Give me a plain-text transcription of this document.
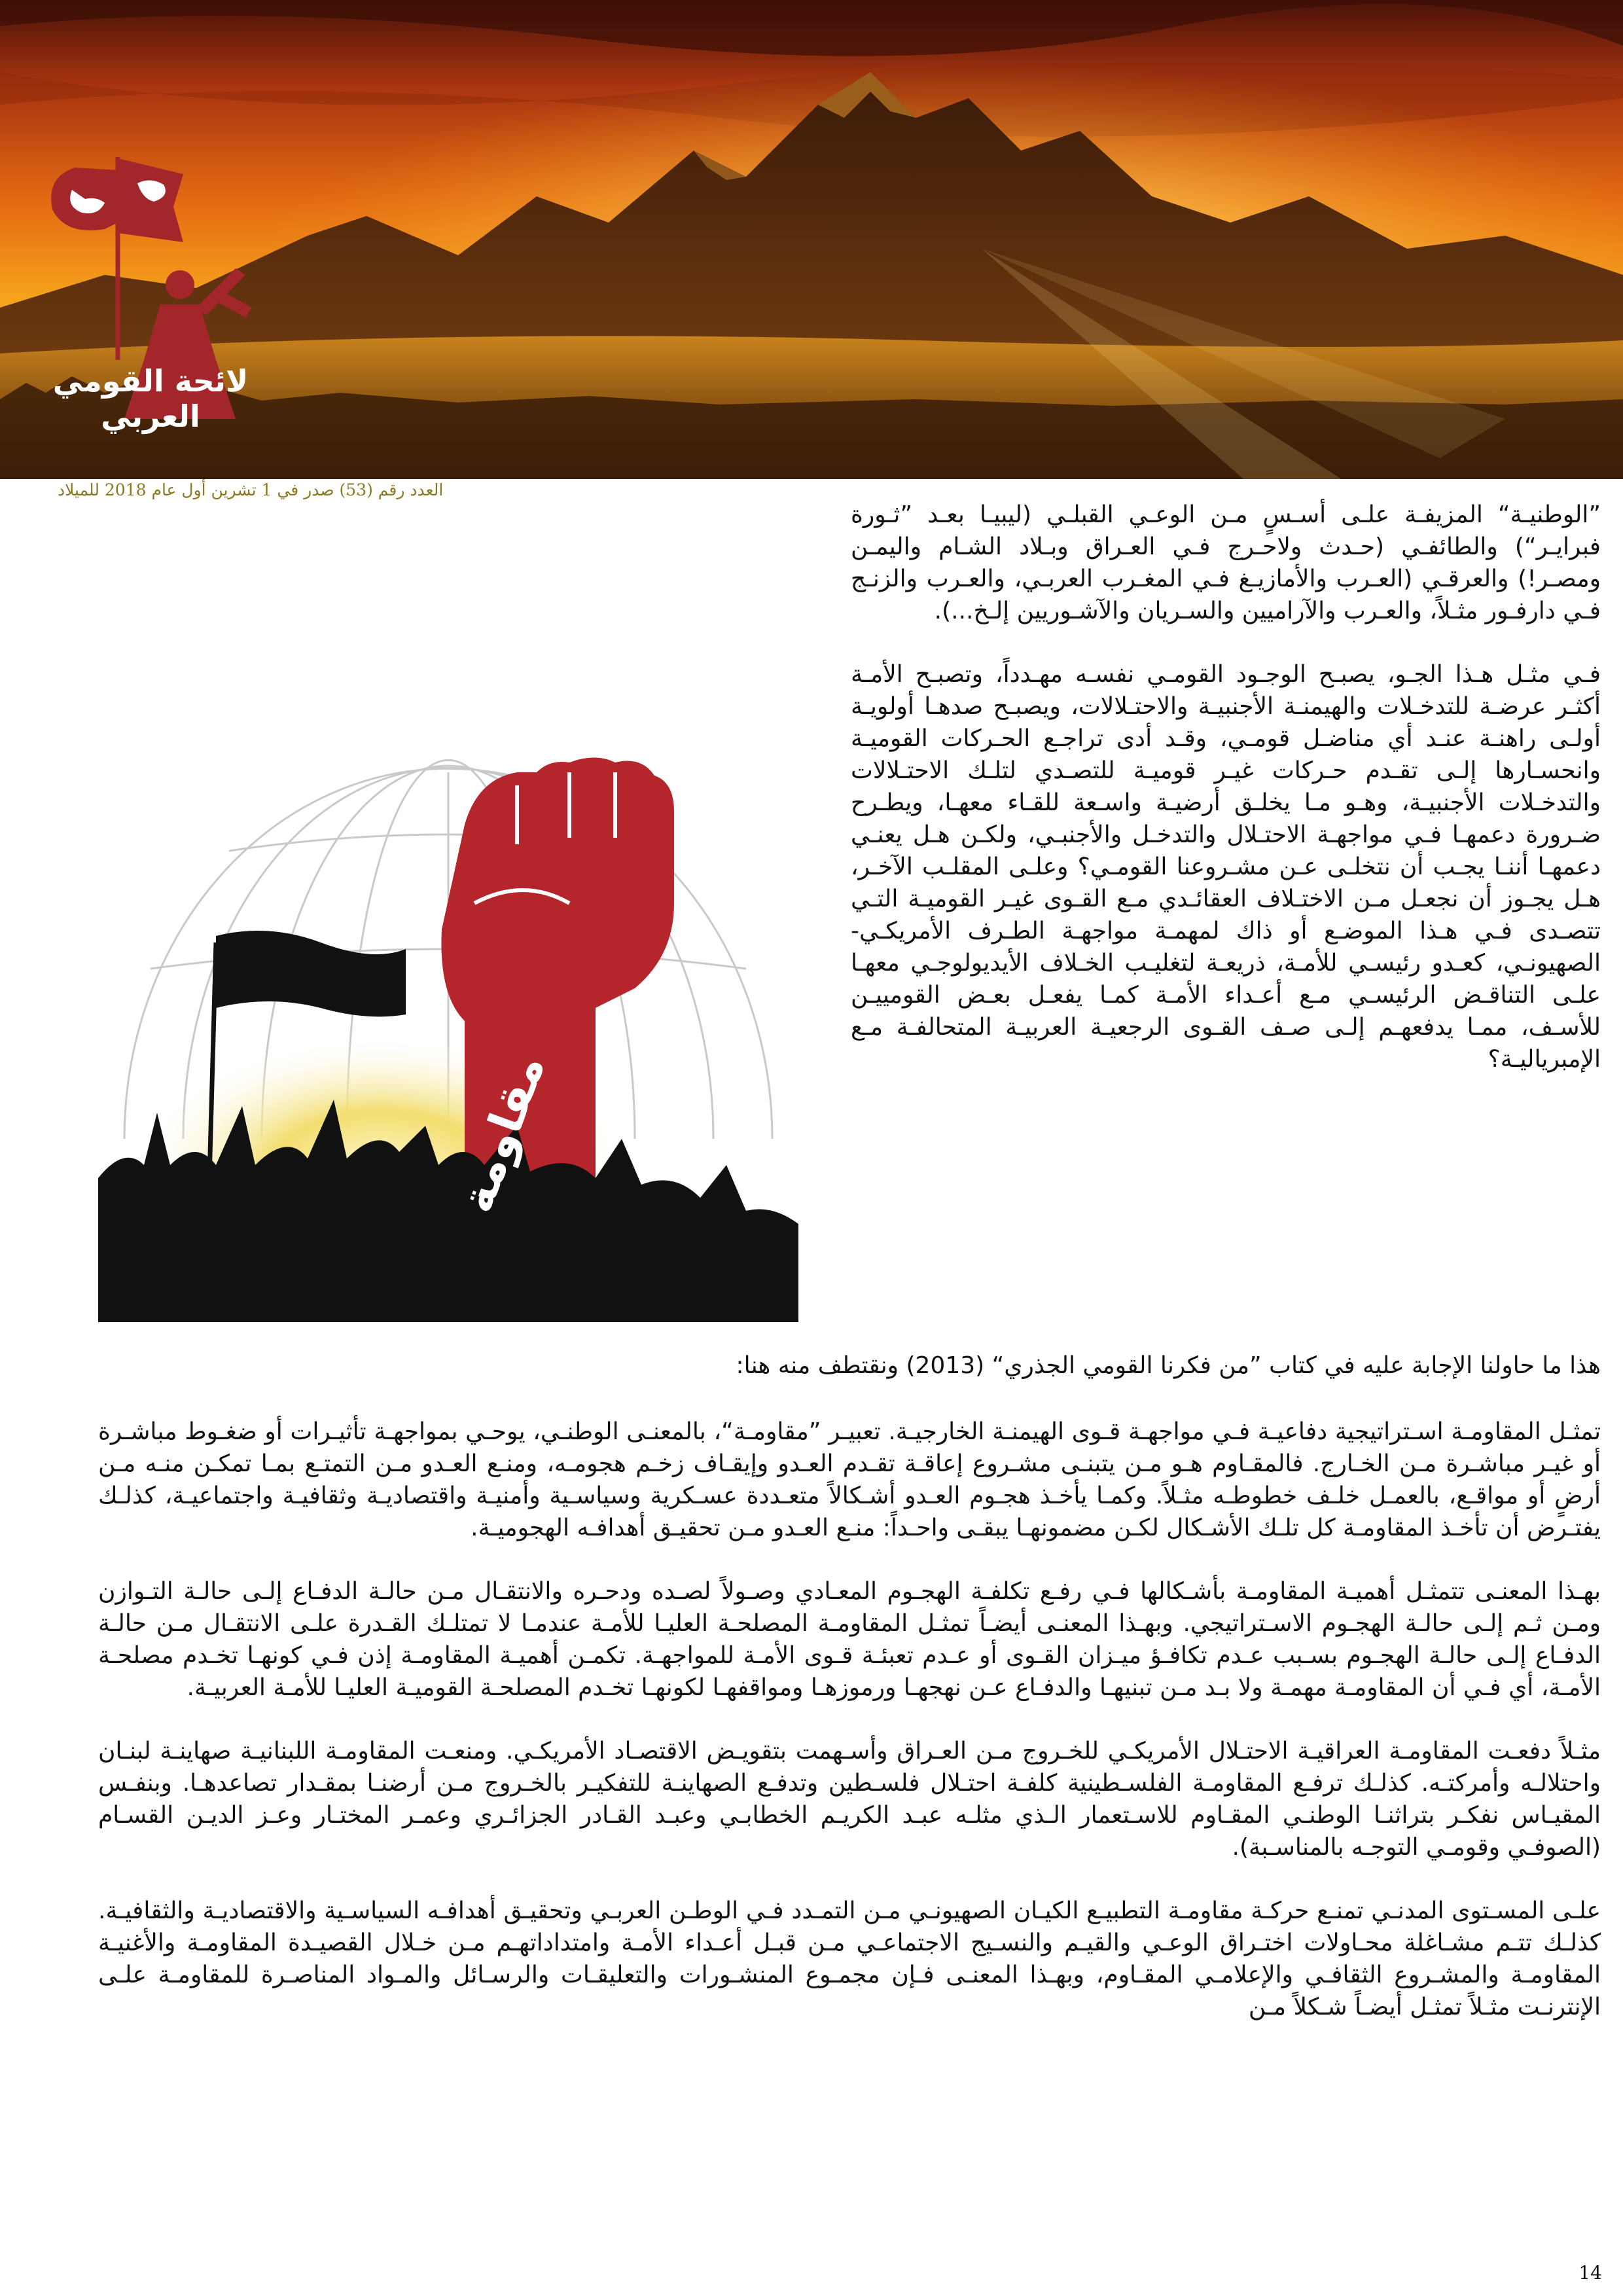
لائحة القومي العربي
العدد رقم (53) صدر في 1 تشرين أول عام 2018 للميلاد
مقاومة

”الوطنيـة“ المزيفـة علـى أسـسٍ مـن الوعـي القبلـي (ليبيـا بعـد ”ثـورة فبرايـر“) والطائفـي (حـدث ولاحـرج فـي العـراق وبـلاد الشـام واليمـن ومصـر!) والعرقـي (العـرب والأمازيـغ فـي المغـرب العربـي، والعـرب والزنـج فـي دارفـور مثـلاً، والعـرب والآراميين والسـريان والآشـوريين إلـخ...).

فـي مثـل هـذا الجـو، يصبـح الوجـود القومـي نفسـه مهـدداً، وتصبـح الأمـة أكثـر عرضـة للتدخـلات والهيمنـة الأجنبيـة والاحتـلالات، ويصبـح صدهـا أولويـة أولـى راهنـة عنـد أي مناضـل قومـي، وقـد أدى تراجـع الحـركات القوميـة وانحسـارها إلـى تقـدم حـركات غيـر قوميـة للتصـدي لتلـك الاحتـلالات والتدخـلات الأجنبيـة، وهـو مـا يخلـق أرضيـة واسـعة للقـاء معهـا، ويطـرح ضـرورة دعمهـا فـي مواجهـة الاحتـلال والتدخـل والأجنبـي، ولكـن هـل يعنـي دعمهـا أننـا يجـب أن نتخلـى عـن مشـروعنا القومـي؟ وعلـى المقلـب الآخـر، هـل يجـوز أن نجعـل مـن الاختـلاف العقائـدي مـع القـوى غيـر القوميـة التـي تتصـدى فـي هـذا الموضـع أو ذاك لمهمـة مواجهـة الطـرف الأمريكـي-الصهيونـي، كعـدو رئيسـي للأمـة، ذريعـة لتغليـب الخـلاف الأيديولوجـي معهـا علـى التناقـض الرئيسـي مـع أعـداء الأمـة كمـا يفعـل بعـض القومييـن للأسـف، ممـا يدفعهـم إلـى صـف القـوى الرجعيـة العربيـة المتحالفـة مـع الإمبرياليـة؟

هذا ما حاولنا الإجابة عليه في كتاب ”من فكرنا القومي الجذري“ (2013) ونقتطف منه هنا:

تمثـل المقاومـة اسـتراتيجية دفاعيـة فـي مواجهـة قـوى الهيمنـة الخارجيـة. تعبيـر ”مقاومـة“، بالمعنـى الوطنـي، يوحـي بمواجهـة تأثيـرات أو ضغـوط مباشـرة أو غيـر مباشـرة مـن الخـارج. فالمقـاوم هـو مـن يتبنـى مشـروع إعاقـة تقـدم العـدو وإيقـاف زخـم هجومـه، ومنـع العـدو مـن التمتـع بمـا تمكـن منـه مـن أرضٍ أو مواقـع، بالعمـل خلـف خطوطـه مثـلاً. وكمـا يأخـذ هجـوم العـدو أشـكالاً متعـددة عسـكرية وسياسـية وأمنيـة واقتصاديـة وثقافيـة واجتماعيـة، كذلـك يفتـرض أن تأخـذ المقاومـة كل تلـك الأشـكال لكـن مضمونهـا يبقـى واحـداً: منـع العـدو مـن تحقيـق أهدافـه الهجوميـة.

بهـذا المعنـى تتمثـل أهميـة المقاومـة بأشـكالها فـي رفـع تكلفـة الهجـوم المعـادي وصـولاً لصـده ودحـره والانتقـال مـن حالـة الدفـاع إلـى حالـة التـوازن ومـن ثـم إلـى حالـة الهجـوم الاسـتراتيجي. وبهـذا المعنـى أيضـاً تمثـل المقاومـة المصلحـة العليـا للأمـة عندمـا لا تمتلـك القـدرة علـى الانتقـال مـن حالـة الدفـاع إلـى حالـة الهجـوم بسـبب عـدم تكافـؤ ميـزان القـوى أو عـدم تعبئـة قـوى الأمـة للمواجهـة. تكمـن أهميـة المقاومـة إذن فـي كونهـا تخـدم مصلحـة الأمـة، أي فـي أن المقاومـة مهمـة ولا بـد مـن تبنيهـا والدفـاع عـن نهجهـا ورموزهـا ومواقفهـا لكونهـا تخـدم المصلحـة القوميـة العليـا للأمـة العربيـة.

مثـلاً دفعـت المقاومـة العراقيـة الاحتـلال الأمريكـي للخـروج مـن العـراق وأسـهمت بتقويـض الاقتصـاد الأمريكـي. ومنعـت المقاومـة اللبنانيـة صهاينـة لبنـان واحتلالـه وأمركتـه. كذلـك ترفـع المقاومـة الفلسـطينية كلفـة احتـلال فلسـطين وتدفـع الصهاينـة للتفكيـر بالخـروج مـن أرضنـا بمقـدار تصاعدهـا. وبنفـس المقيـاس نفكـر بتراثنـا الوطنـي المقـاوم للاسـتعمار الـذي مثلـه عبـد الكريـم الخطابـي وعبـد القـادر الجزائـري وعمـر المختـار وعـز الديـن القسـام (الصوفـي وقومـي التوجـه بالمناسـبة).

علـى المسـتوى المدنـي تمنـع حركـة مقاومـة التطبيـع الكيـان الصهيونـي مـن التمـدد فـي الوطـن العربـي وتحقيـق أهدافـه السياسـية والاقتصاديـة والثقافيـة. كذلـك تتـم مشـاغلة محـاولات اختـراق الوعـي والقيـم والنسـيج الاجتماعـي مـن قبـل أعـداء الأمـة وامتداداتهـم مـن خـلال القصيـدة المقاومـة والأغنيـة المقاومـة والمشـروع الثقافـي والإعلامـي المقـاوم، وبهـذا المعنـى فـإن مجمـوع المنشـورات والتعليقـات والرسـائل والمـواد المناصـرة للمقاومـة علـى الإنترنـت مثـلاً تمثـل أيضـاً شـكلاً مـن

14
